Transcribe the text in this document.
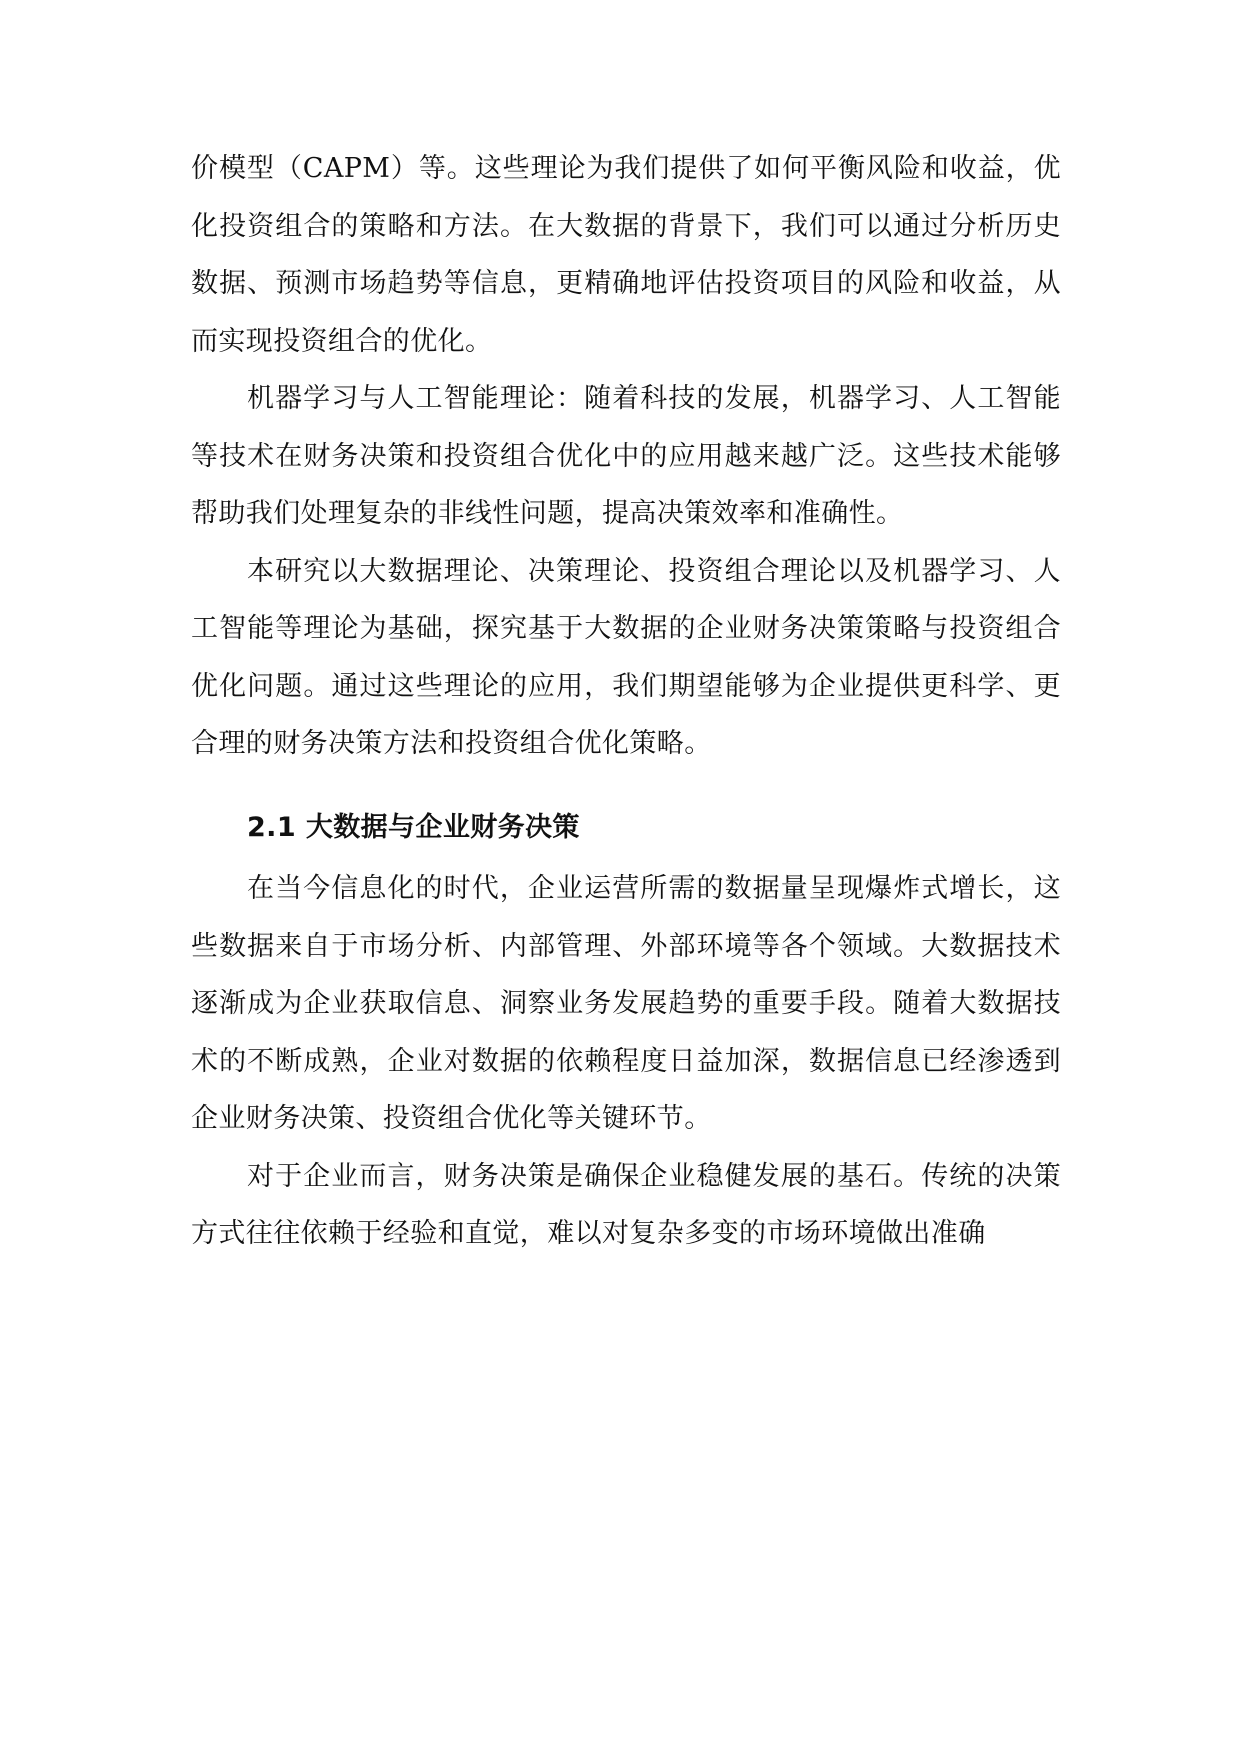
价模型（CAPM）等。这些理论为我们提供了如何平衡风险和收益，优化投资组合的策略和方法。在大数据的背景下，我们可以通过分析历史数据、预测市场趋势等信息，更精确地评估投资项目的风险和收益，从而实现投资组合的优化。

机器学习与人工智能理论：随着科技的发展，机器学习、人工智能等技术在财务决策和投资组合优化中的应用越来越广泛。这些技术能够帮助我们处理复杂的非线性问题，提高决策效率和准确性。

本研究以大数据理论、决策理论、投资组合理论以及机器学习、人工智能等理论为基础，探究基于大数据的企业财务决策策略与投资组合优化问题。通过这些理论的应用，我们期望能够为企业提供更科学、更合理的财务决策方法和投资组合优化策略。

2.1 大数据与企业财务决策

在当今信息化的时代，企业运营所需的数据量呈现爆炸式增长，这些数据来自于市场分析、内部管理、外部环境等各个领域。大数据技术逐渐成为企业获取信息、洞察业务发展趋势的重要手段。随着大数据技术的不断成熟，企业对数据的依赖程度日益加深，数据信息已经渗透到企业财务决策、投资组合优化等关键环节。

对于企业而言，财务决策是确保企业稳健发展的基石。传统的决策方式往往依赖于经验和直觉，难以对复杂多变的市场环境做出准确
